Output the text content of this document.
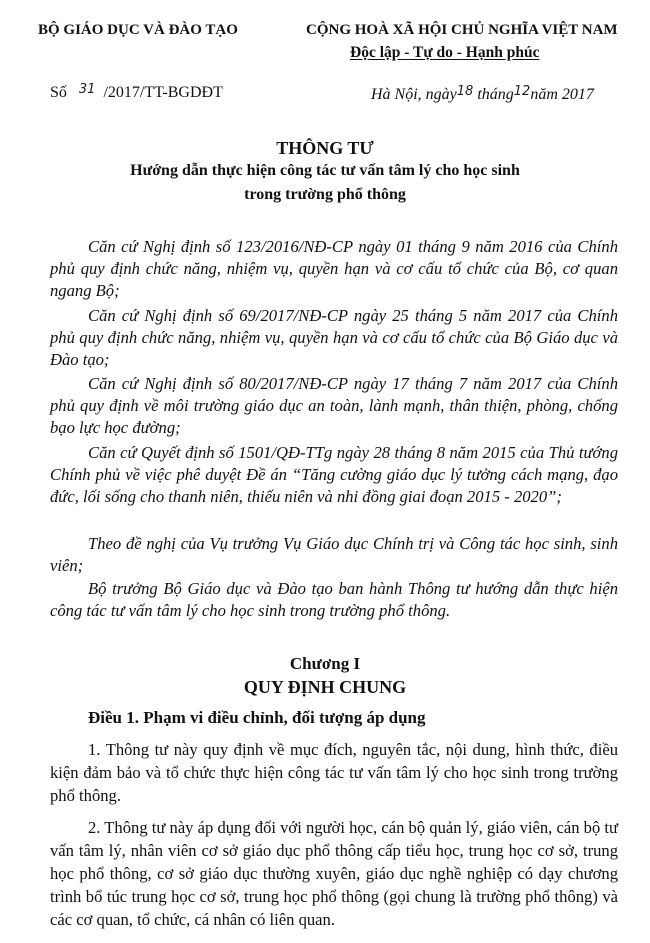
BỘ GIÁO DỤC VÀ ĐÀO TẠO	CỘNG HOÀ XÃ HỘI CHỦ NGHĨA VIỆT NAM
Độc lập - Tự do - Hạnh phúc
Số $^{31}$ /2017/TT-BGDĐT	Hà Nội, ngày$^{18}$ tháng$^{12}$năm 2017
THÔNG TƯ
Hướng dẫn thực hiện công tác tư vấn tâm lý cho học sinh
trong trường phổ thông
Căn cứ Nghị định số 123/2016/NĐ-CP ngày 01 tháng 9 năm 2016 của Chính phủ quy định chức năng, nhiệm vụ, quyền hạn và cơ cấu tổ chức của Bộ, cơ quan ngang Bộ;
Căn cứ Nghị định số 69/2017/NĐ-CP ngày 25 tháng 5 năm 2017 của Chính phủ quy định chức năng, nhiệm vụ, quyền hạn và cơ cấu tổ chức của Bộ Giáo dục và Đào tạo;
Căn cứ Nghị định số 80/2017/NĐ-CP ngày 17 tháng 7 năm 2017 của Chính phủ quy định về môi trường giáo dục an toàn, lành mạnh, thân thiện, phòng, chống bạo lực học đường;
Căn cứ Quyết định số 1501/QĐ-TTg ngày 28 tháng 8 năm 2015 của Thủ tướng Chính phủ về việc phê duyệt Đề án “Tăng cường giáo dục lý tưởng cách mạng, đạo đức, lối sống cho thanh niên, thiếu niên và nhi đồng giai đoạn 2015 - 2020”;
Theo đề nghị của Vụ trưởng Vụ Giáo dục Chính trị và Công tác học sinh, sinh viên;
Bộ trưởng Bộ Giáo dục và Đào tạo ban hành Thông tư hướng dẫn thực hiện công tác tư vấn tâm lý cho học sinh trong trường phổ thông.
Chương I
QUY ĐỊNH CHUNG
Điều 1. Phạm vi điều chỉnh, đối tượng áp dụng
1. Thông tư này quy định về mục đích, nguyên tắc, nội dung, hình thức, điều kiện đảm bảo và tổ chức thực hiện công tác tư vấn tâm lý cho học sinh trong trường phổ thông.
2. Thông tư này áp dụng đối với người học, cán bộ quản lý, giáo viên, cán bộ tư vấn tâm lý, nhân viên cơ sở giáo dục phổ thông cấp tiểu học, trung học cơ sở, trung học phổ thông, cơ sở giáo dục thường xuyên, giáo dục nghề nghiệp có dạy chương trình bổ túc trung học cơ sở, trung học phổ thông (gọi chung là trường phổ thông) và các cơ quan, tổ chức, cá nhân có liên quan.
